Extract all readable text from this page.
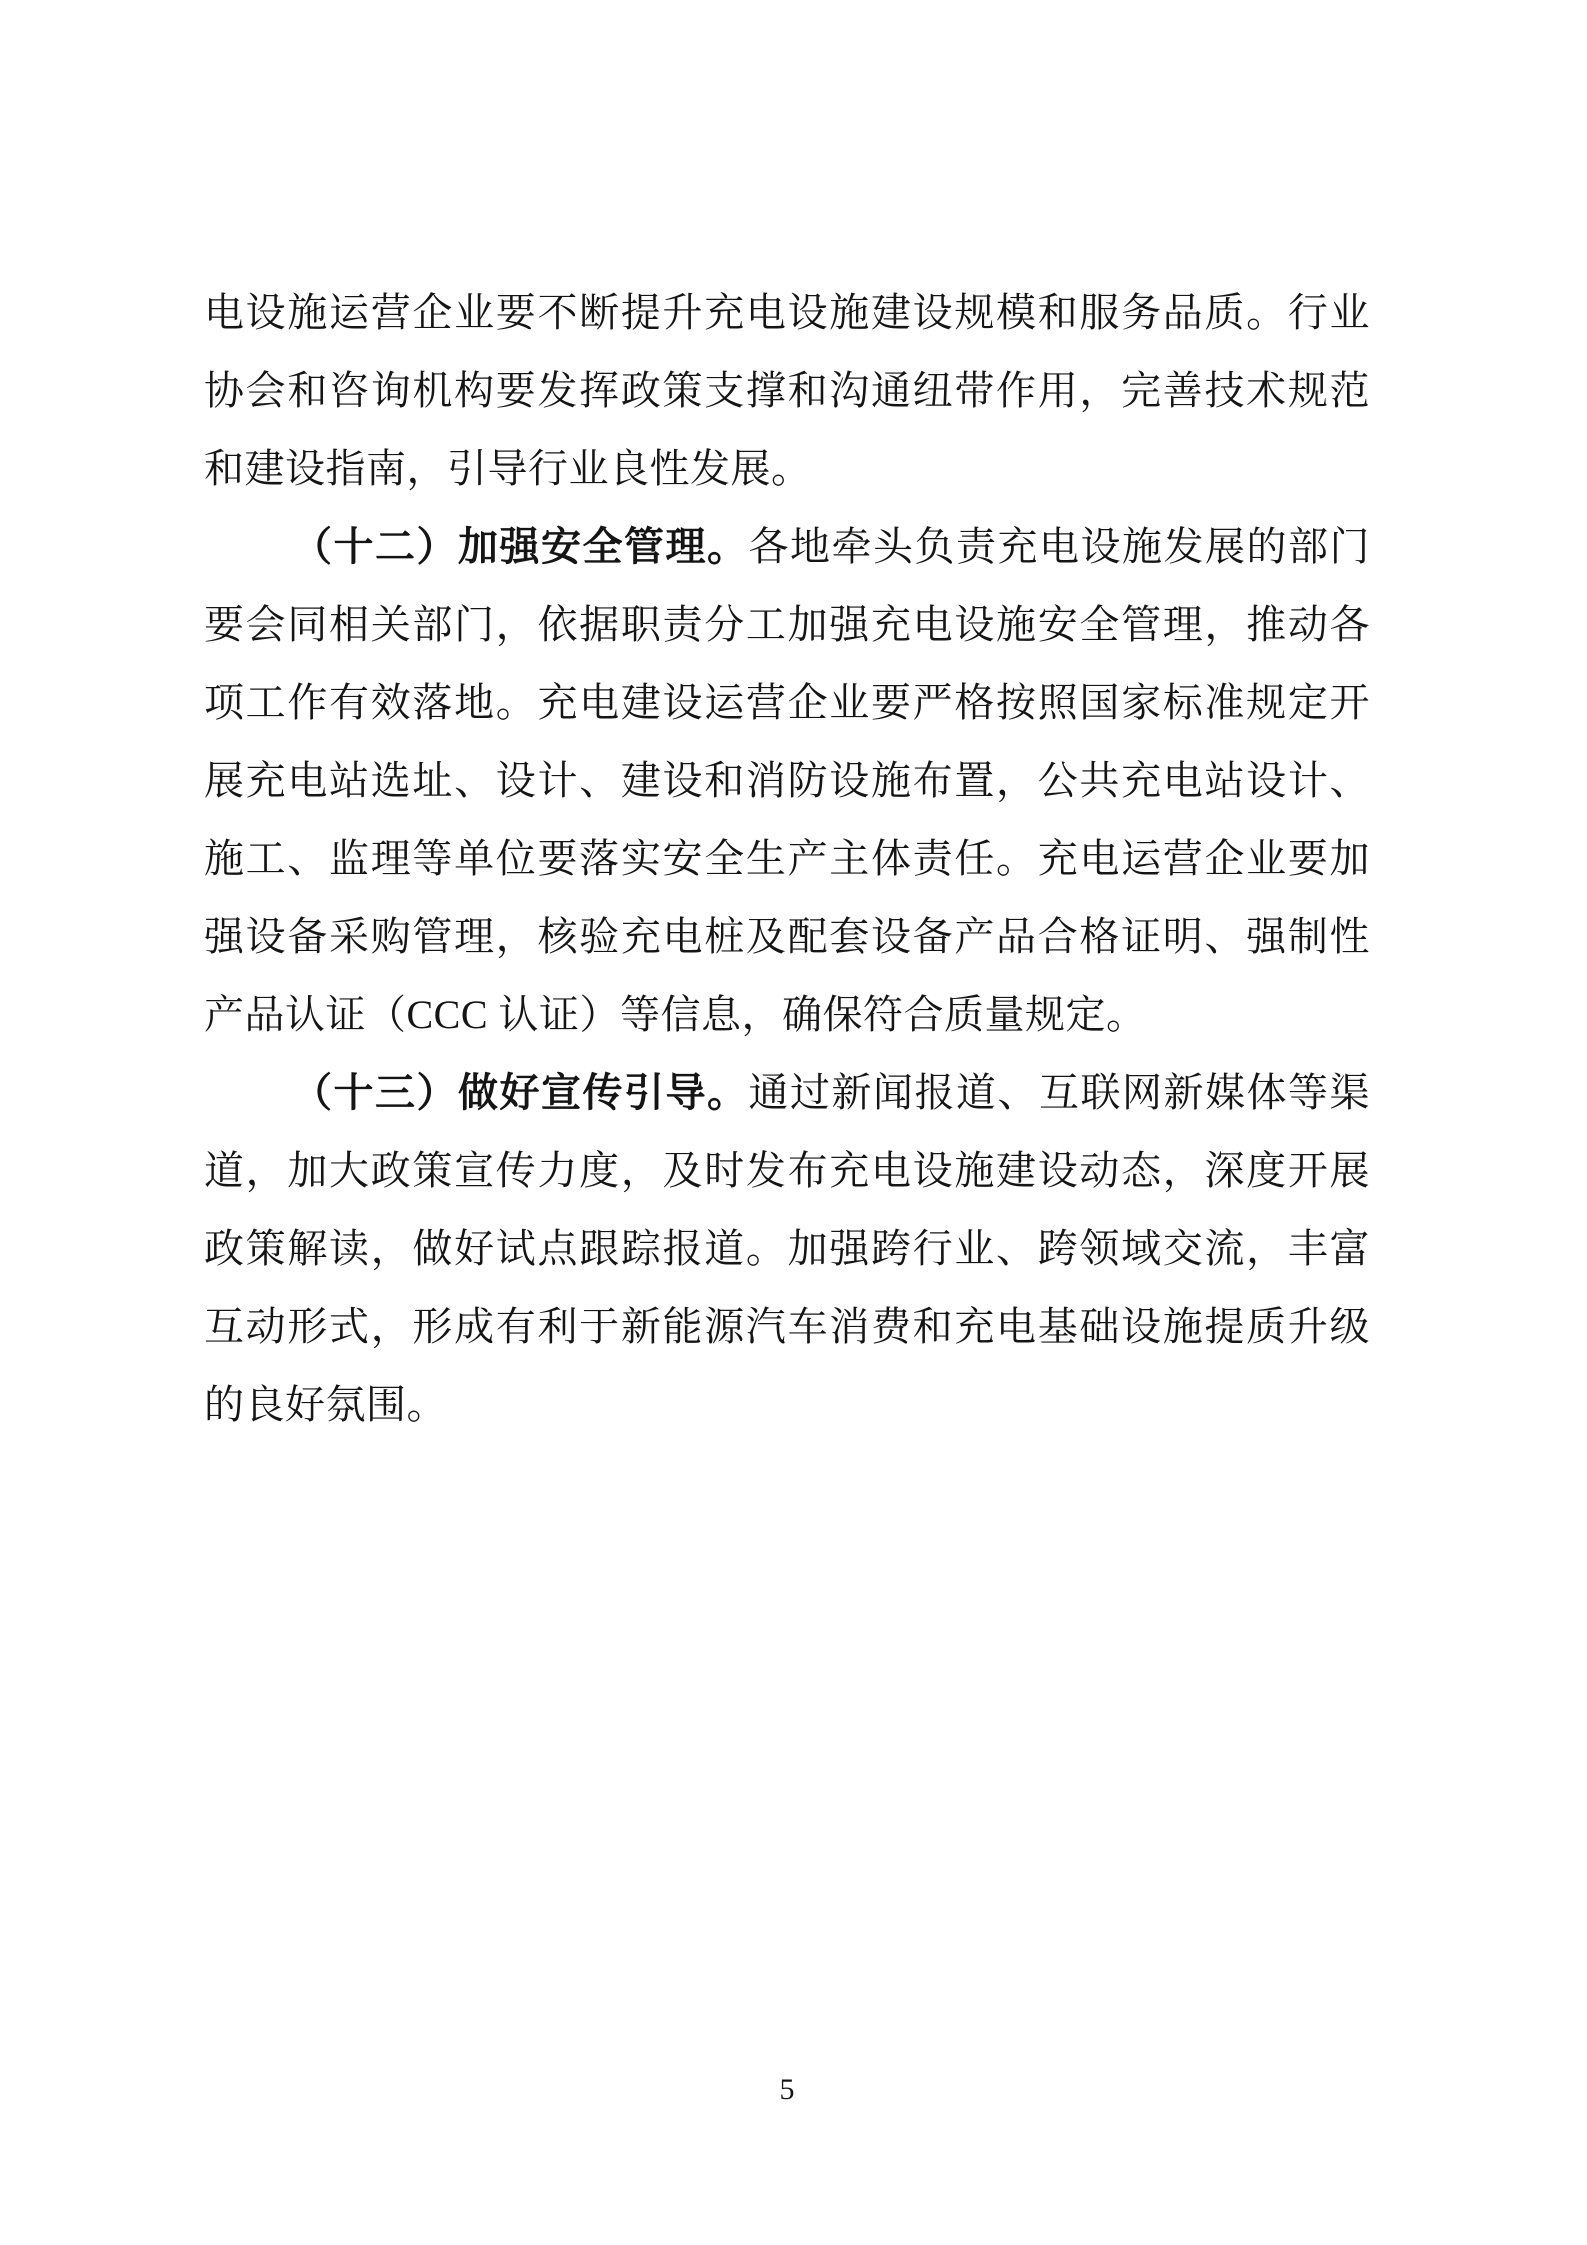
电设施运营企业要不断提升充电设施建设规模和服务品质。行业协会和咨询机构要发挥政策支撑和沟通纽带作用，完善技术规范和建设指南，引导行业良性发展。

（十二）加强安全管理。各地牵头负责充电设施发展的部门要会同相关部门，依据职责分工加强充电设施安全管理，推动各项工作有效落地。充电建设运营企业要严格按照国家标准规定开展充电站选址、设计、建设和消防设施布置，公共充电站设计、施工、监理等单位要落实安全生产主体责任。充电运营企业要加强设备采购管理，核验充电桩及配套设备产品合格证明、强制性产品认证（CCC 认证）等信息，确保符合质量规定。

（十三）做好宣传引导。通过新闻报道、互联网新媒体等渠道，加大政策宣传力度，及时发布充电设施建设动态，深度开展政策解读，做好试点跟踪报道。加强跨行业、跨领域交流，丰富互动形式，形成有利于新能源汽车消费和充电基础设施提质升级的良好氛围。

5
